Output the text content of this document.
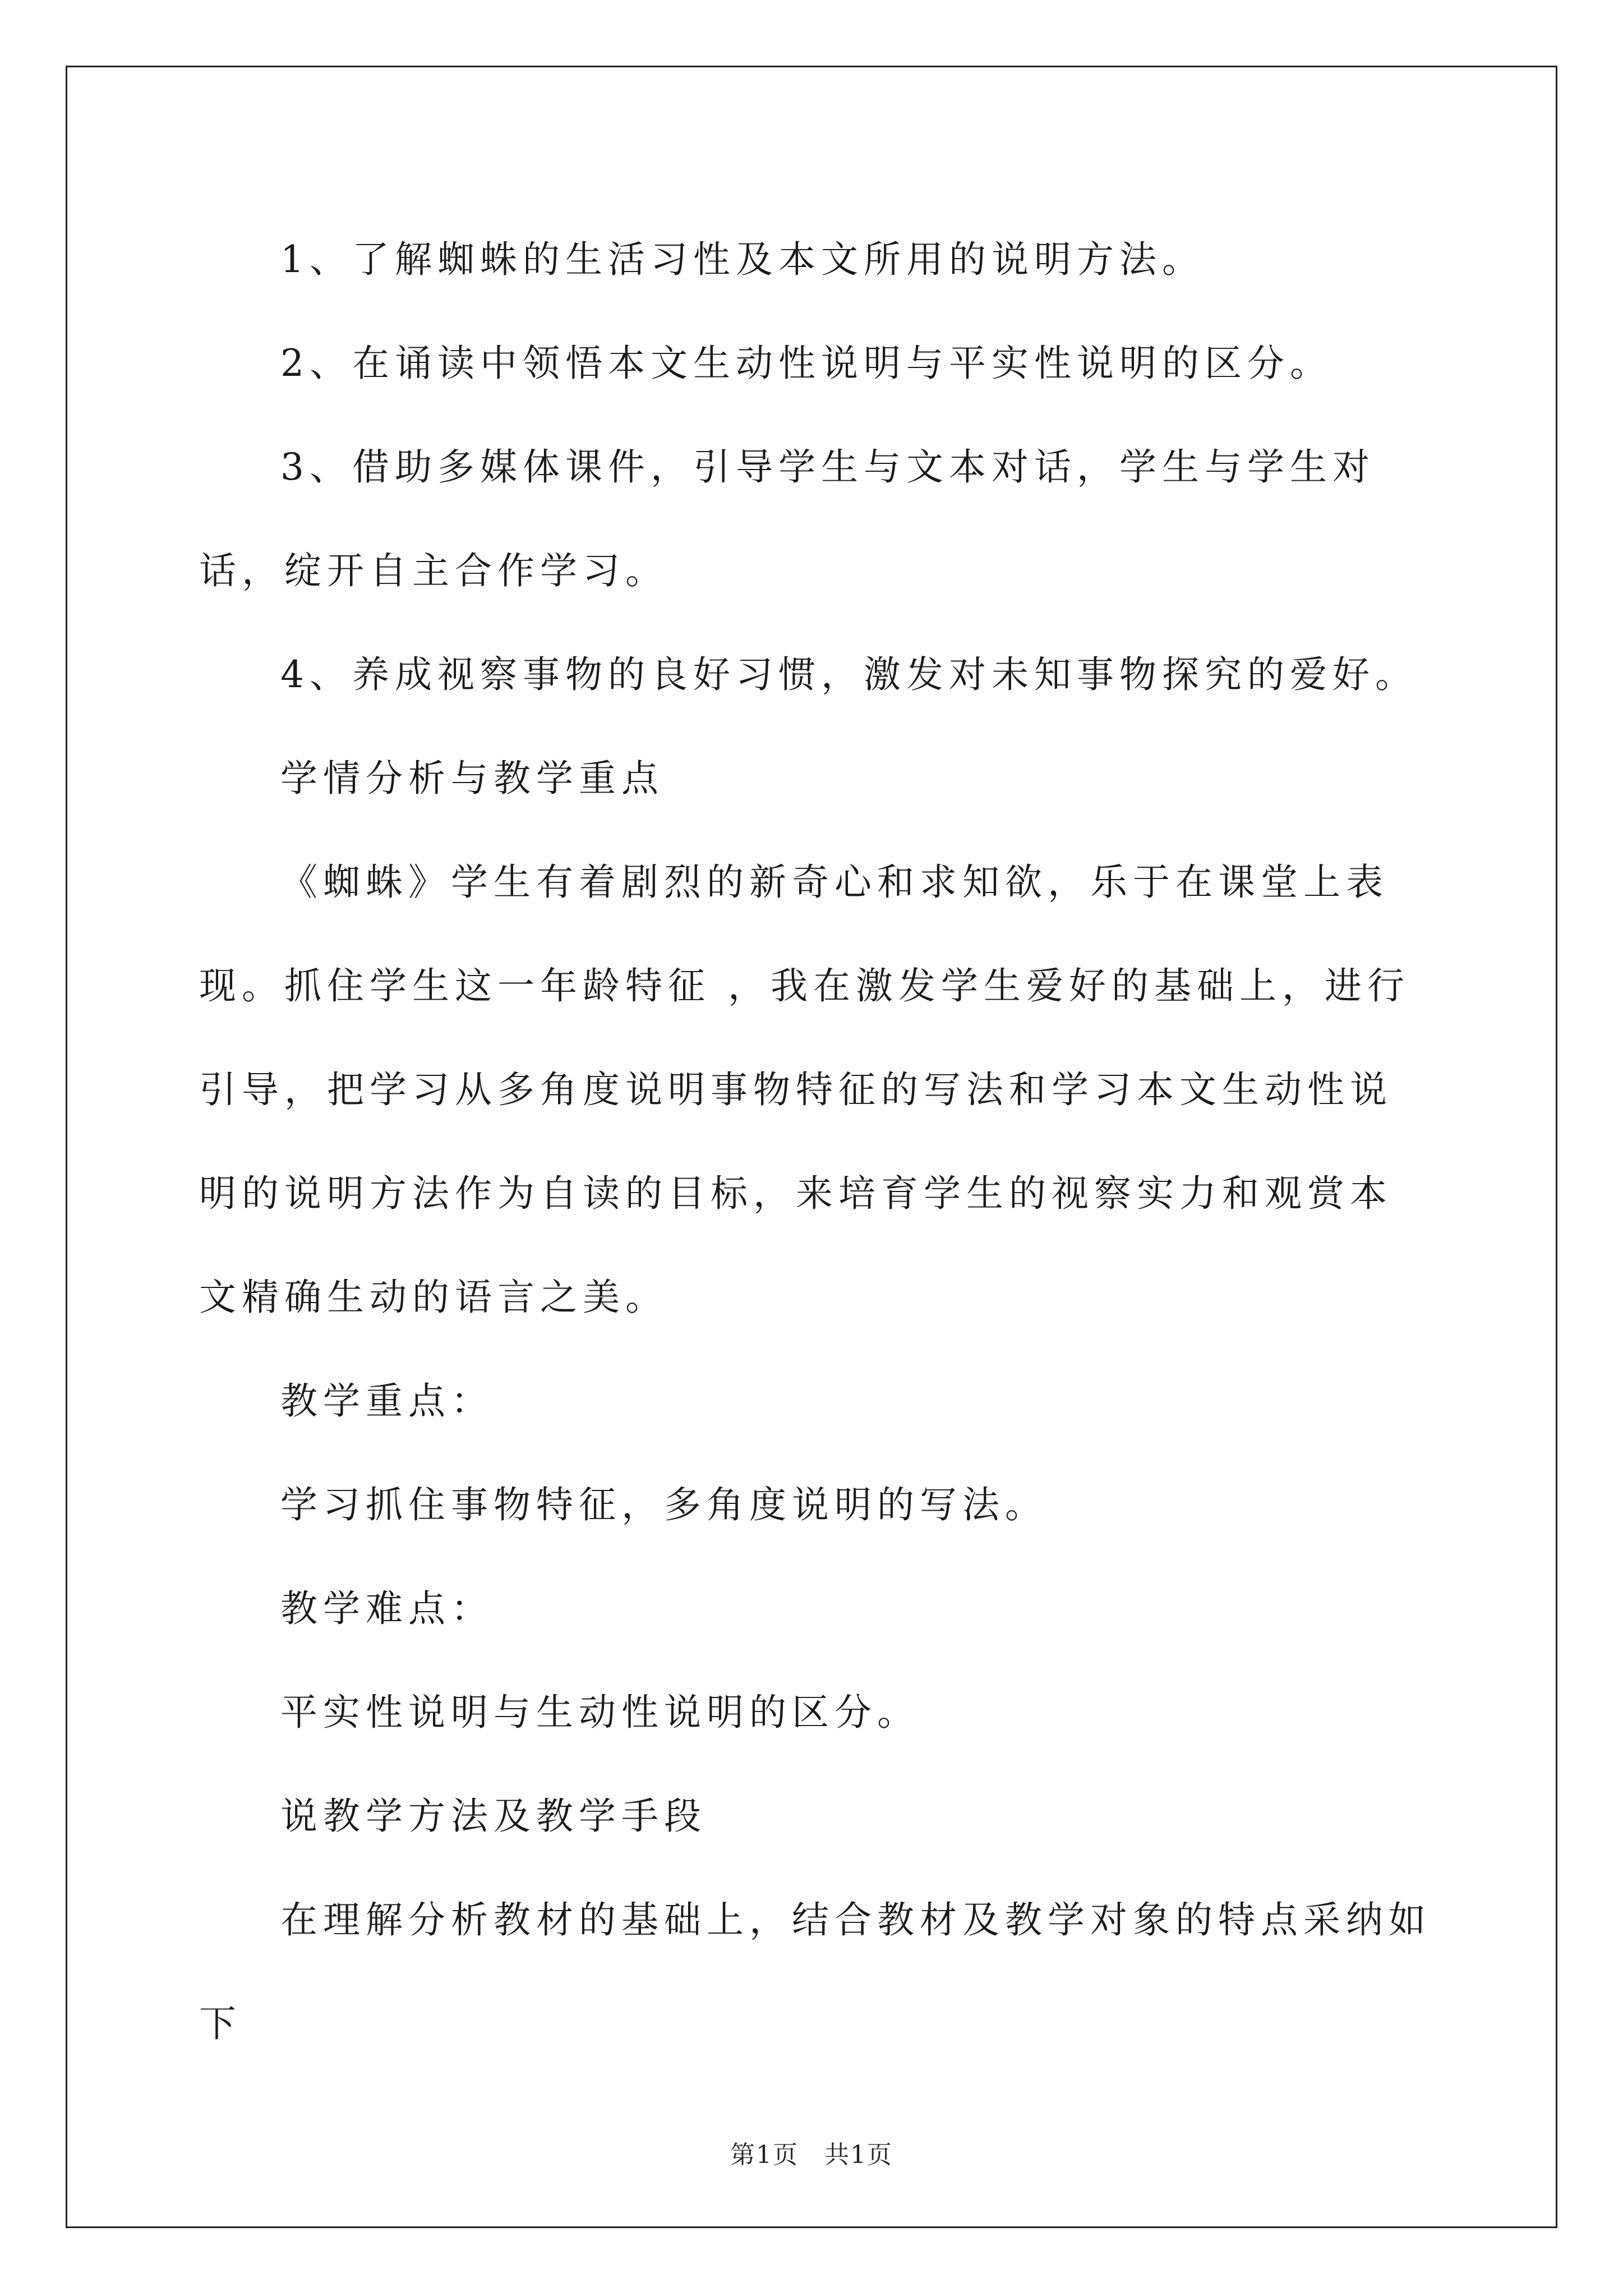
1、了解蜘蛛的生活习性及本文所用的说明方法。

2、在诵读中领悟本文生动性说明与平实性说明的区分。

3、借助多媒体课件，引导学生与文本对话，学生与学生对话，绽开自主合作学习。

4、养成视察事物的良好习惯，激发对未知事物探究的爱好。

学情分析与教学重点

《蜘蛛》学生有着剧烈的新奇心和求知欲，乐于在课堂上表现。抓住学生这一年龄特征 ，我在激发学生爱好的基础上，进行引导，把学习从多角度说明事物特征的写法和学习本文生动性说明的说明方法作为自读的目标，来培育学生的视察实力和观赏本文精确生动的语言之美。

教学重点：

学习抓住事物特征，多角度说明的写法。

教学难点：

平实性说明与生动性说明的区分。

说教学方法及教学手段

在理解分析教材的基础上，结合教材及教学对象的特点采纳如下

第1页　共1页
